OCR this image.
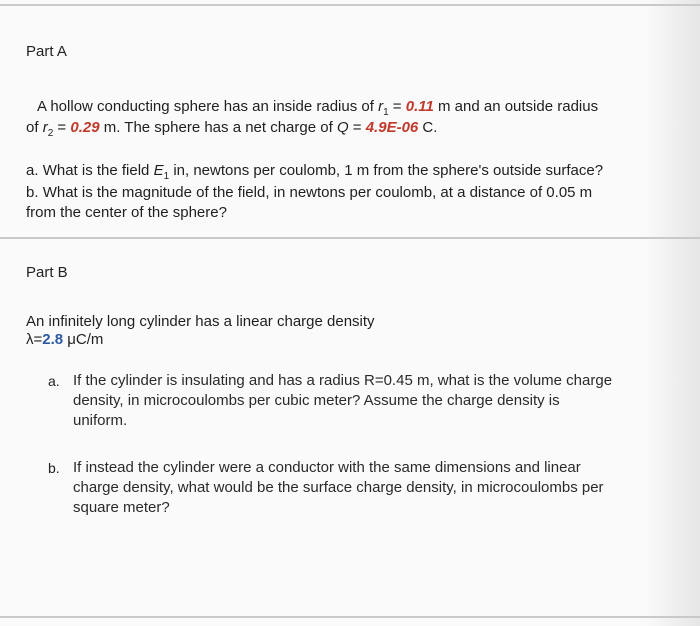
Part A
A hollow conducting sphere has an inside radius of $r_1 = 0.11$ m and an outside radius
of $r_2 = 0.29$ m. The sphere has a net charge of Q = 4.9E-06 C.
a. What is the field $E_1$ in, newtons per coulomb, 1 m from the sphere's outside surface?
b. What is the magnitude of the field, in newtons per coulomb, at a distance of 0.05 m
from the center of the sphere?
Part B
An infinitely long cylinder has a linear charge density
λ=2.8 μC/m
a. If the cylinder is insulating and has a radius R=0.45 m, what is the volume charge
density, in microcoulombs per cubic meter? Assume the charge density is
uniform.
b. If instead the cylinder were a conductor with the same dimensions and linear
charge density, what would be the surface charge density, in microcoulombs per
square meter?
